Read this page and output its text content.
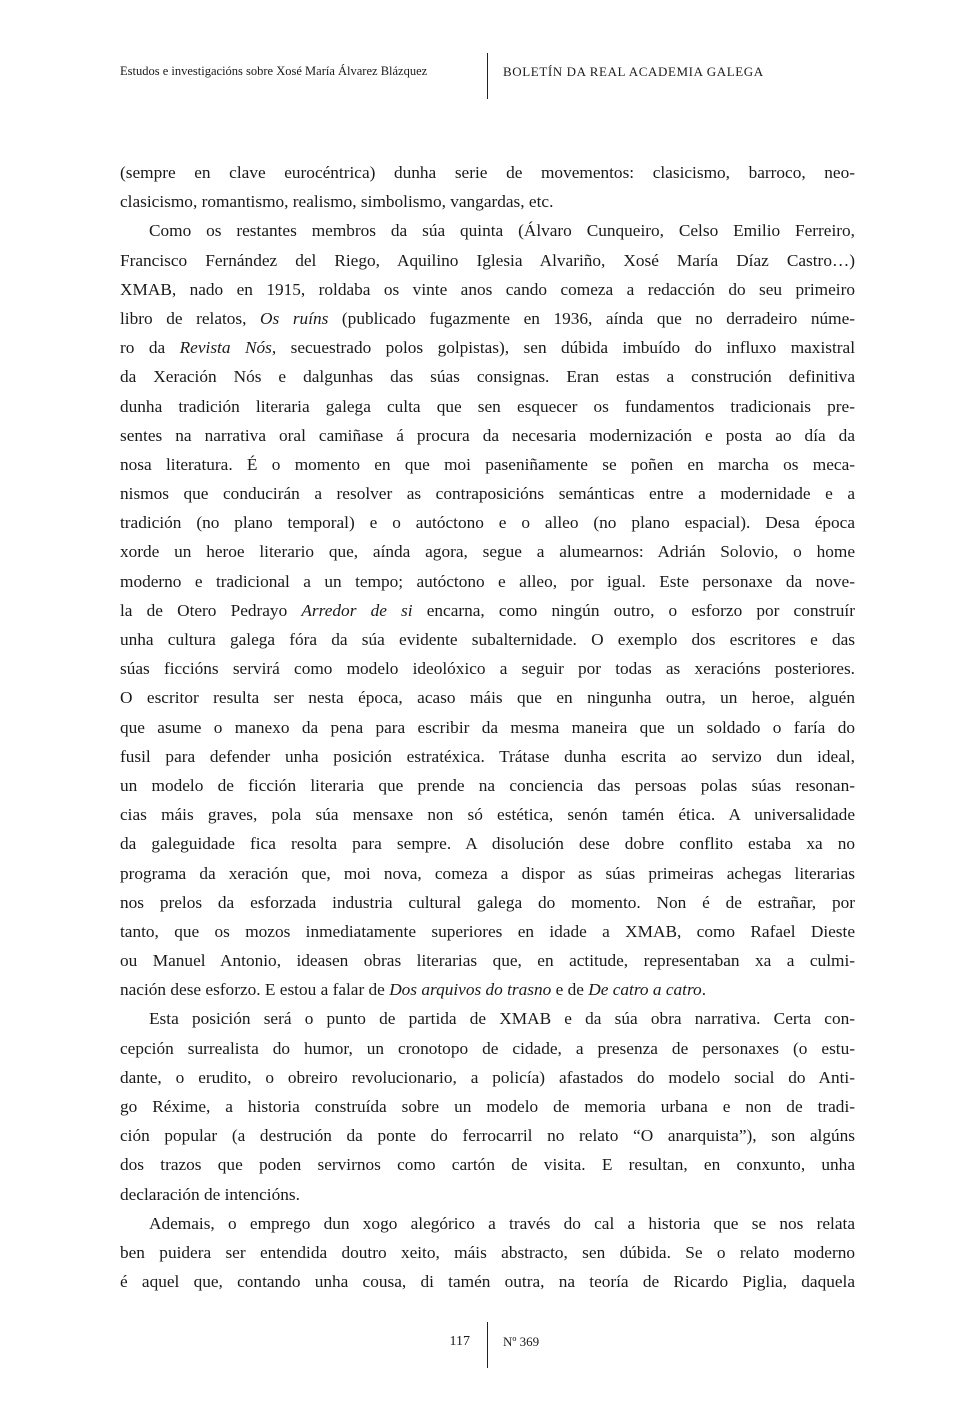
Estudos e investigacións sobre Xosé María Álvarez Blázquez	BOLETÍN DA REAL ACADEMIA GALEGA
(sempre en clave eurocéntrica) dunha serie de movementos: clasicismo, barroco, neo-
clasicismo, romantismo, realismo, simbolismo, vangardas, etc.
Como os restantes membros da súa quinta (Álvaro Cunqueiro, Celso Emilio Ferreiro,
Francisco Fernández del Riego, Aquilino Iglesia Alvariño, Xosé María Díaz Castro…)
XMAB, nado en 1915, roldaba os vinte anos cando comeza a redacción do seu primeiro
libro de relatos, Os ruíns (publicado fugazmente en 1936, aínda que no derradeiro núme-
ro da Revista Nós, secuestrado polos golpistas), sen dúbida imbuído do influxo maxistral
da Xeración Nós e dalgunhas das súas consignas. Eran estas a construción definitiva
dunha tradición literaria galega culta que sen esquecer os fundamentos tradicionais pre-
sentes na narrativa oral camiñase á procura da necesaria modernización e posta ao día da
nosa literatura. É o momento en que moi paseniñamente se poñen en marcha os meca-
nismos que conducirán a resolver as contraposicións semánticas entre a modernidade e a
tradición (no plano temporal) e o autóctono e o alleo (no plano espacial). Desa época
xorde un heroe literario que, aínda agora, segue a alumearnos: Adrián Solovio, o home
moderno e tradicional a un tempo; autóctono e alleo, por igual. Este personaxe da nove-
la de Otero Pedrayo Arredor de si encarna, como ningún outro, o esforzo por construír
unha cultura galega fóra da súa evidente subalternidade. O exemplo dos escritores e das
súas ficcións servirá como modelo ideolóxico a seguir por todas as xeracións posteriores.
O escritor resulta ser nesta época, acaso máis que en ningunha outra, un heroe, alguén
que asume o manexo da pena para escribir da mesma maneira que un soldado o faría do
fusil para defender unha posición estratéxica. Trátase dunha escrita ao servizo dun ideal,
un modelo de ficción literaria que prende na conciencia das persoas polas súas resonan-
cias máis graves, pola súa mensaxe non só estética, senón tamén ética. A universalidade
da galeguidade fica resolta para sempre. A disolución dese dobre conflito estaba xa no
programa da xeración que, moi nova, comeza a dispor as súas primeiras achegas literarias
nos prelos da esforzada industria cultural galega do momento. Non é de estrañar, por
tanto, que os mozos inmediatamente superiores en idade a XMAB, como Rafael Dieste
ou Manuel Antonio, ideasen obras literarias que, en actitude, representaban xa a culmi-
nación dese esforzo. E estou a falar de Dos arquivos do trasno e de De catro a catro.
Esta posición será o punto de partida de XMAB e da súa obra narrativa. Certa con-
cepción surrealista do humor, un cronotopo de cidade, a presenza de personaxes (o estu-
dante, o erudito, o obreiro revolucionario, a policía) afastados do modelo social do Anti-
go Réxime, a historia construída sobre un modelo de memoria urbana e non de tradi-
ción popular (a destrución da ponte do ferrocarril no relato “O anarquista”), son algúns
dos trazos que poden servirnos como cartón de visita. E resultan, en conxunto, unha
declaración de intencións.
Ademais, o emprego dun xogo alegórico a través do cal a historia que se nos relata
ben puidera ser entendida doutro xeito, máis abstracto, sen dúbida. Se o relato moderno
é aquel que, contando unha cousa, di tamén outra, na teoría de Ricardo Piglia, daquela
117	Nº 369
